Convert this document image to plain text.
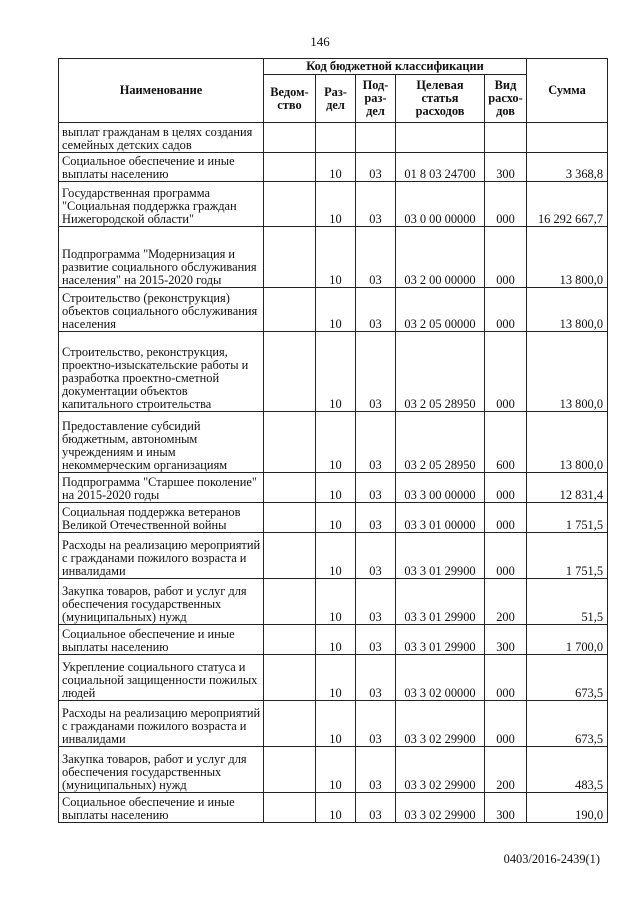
146
Наименование	Код бюджетной классификации					Сумма
	Ведом-ство	Раз-дел	Под-раз-дел	Целевая статья расходов	Вид расхо-дов	
выплат гражданам в целях создания семейных детских садов						
Социальное обеспечение и иные выплаты населению		10	03	01 8 03 24700	300	3 368,8
Государственная программа "Социальная поддержка граждан Нижегородской области"		10	03	03 0 00 00000	000	16 292 667,7
Подпрограмма "Модернизация и развитие социального обслуживания населения" на 2015-2020 годы		10	03	03 2 00 00000	000	13 800,0
Строительство (реконструкция) объектов социального обслуживания населения		10	03	03 2 05 00000	000	13 800,0
Строительство, реконструкция, проектно-изыскательские работы и разработка проектно-сметной документации объектов капитального строительства		10	03	03 2 05 28950	000	13 800,0
Предоставление субсидий бюджетным, автономным учреждениям и иным некоммерческим организациям		10	03	03 2 05 28950	600	13 800,0
Подпрограмма "Старшее поколение" на 2015-2020 годы		10	03	03 3 00 00000	000	12 831,4
Социальная поддержка ветеранов Великой Отечественной войны		10	03	03 3 01 00000	000	1 751,5
Расходы на реализацию мероприятий с гражданами пожилого возраста и инвалидами		10	03	03 3 01 29900	000	1 751,5
Закупка товаров, работ и услуг для обеспечения государственных (муниципальных) нужд		10	03	03 3 01 29900	200	51,5
Социальное обеспечение и иные выплаты населению		10	03	03 3 01 29900	300	1 700,0
Укрепление социального статуса и социальной защищенности пожилых людей		10	03	03 3 02 00000	000	673,5
Расходы на реализацию мероприятий с гражданами пожилого возраста и инвалидами		10	03	03 3 02 29900	000	673,5
Закупка товаров, работ и услуг для обеспечения государственных (муниципальных) нужд		10	03	03 3 02 29900	200	483,5
Социальное обеспечение и иные выплаты населению		10	03	03 3 02 29900	300	190,0
0403/2016-2439(1)
